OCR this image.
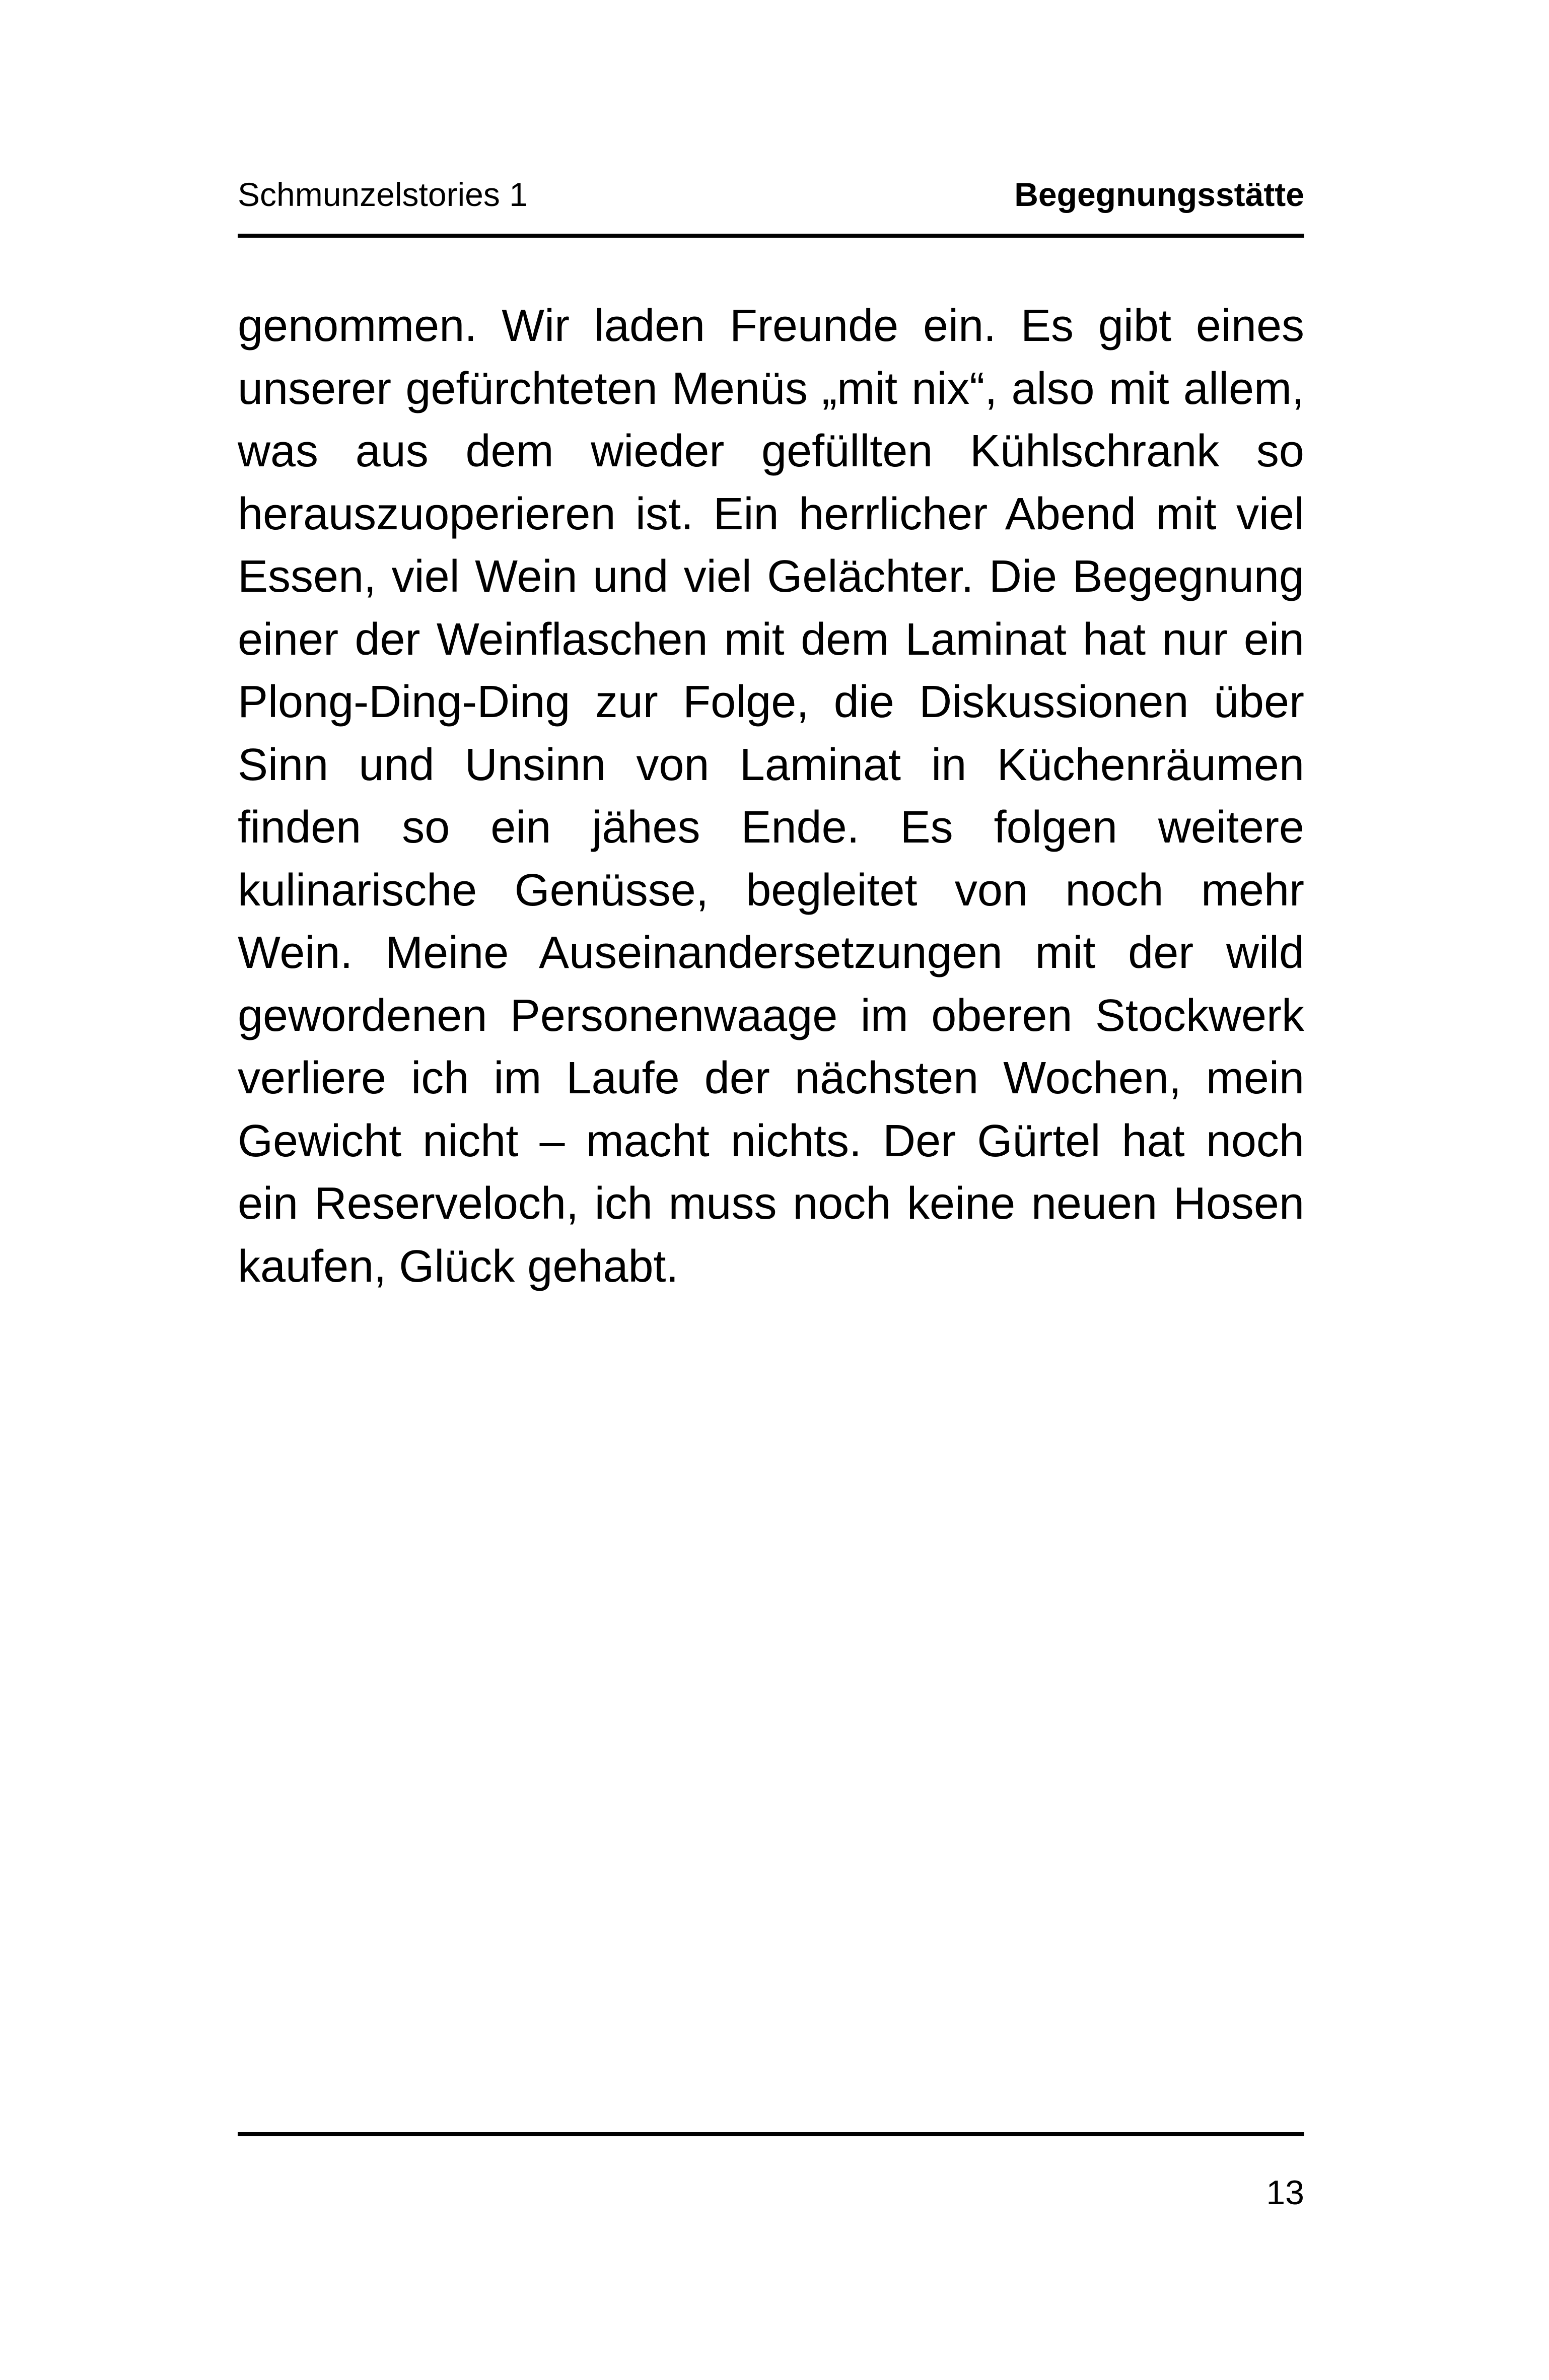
Schmunzelstories 1	Begegnungsstätte

genommen. Wir laden Freunde ein. Es gibt eines unserer gefürchteten Menüs „mit nix“, also mit allem, was aus dem wieder gefüllten Kühlschrank so herauszuoperieren ist. Ein herrlicher Abend mit viel Essen, viel Wein und viel Gelächter. Die Begegnung einer der Weinflaschen mit dem Laminat hat nur ein Plong-Ding-Ding zur Folge, die Diskussionen über Sinn und Unsinn von Laminat in Küchenräumen finden so ein jähes Ende. Es folgen weitere kulinarische Genüsse, begleitet von noch mehr Wein. Meine Auseinandersetzungen mit der wild gewordenen Personenwaage im oberen Stockwerk verliere ich im Laufe der nächsten Wochen, mein Gewicht nicht – macht nichts. Der Gürtel hat noch ein Reserveloch, ich muss noch keine neuen Hosen kaufen, Glück gehabt.

13
